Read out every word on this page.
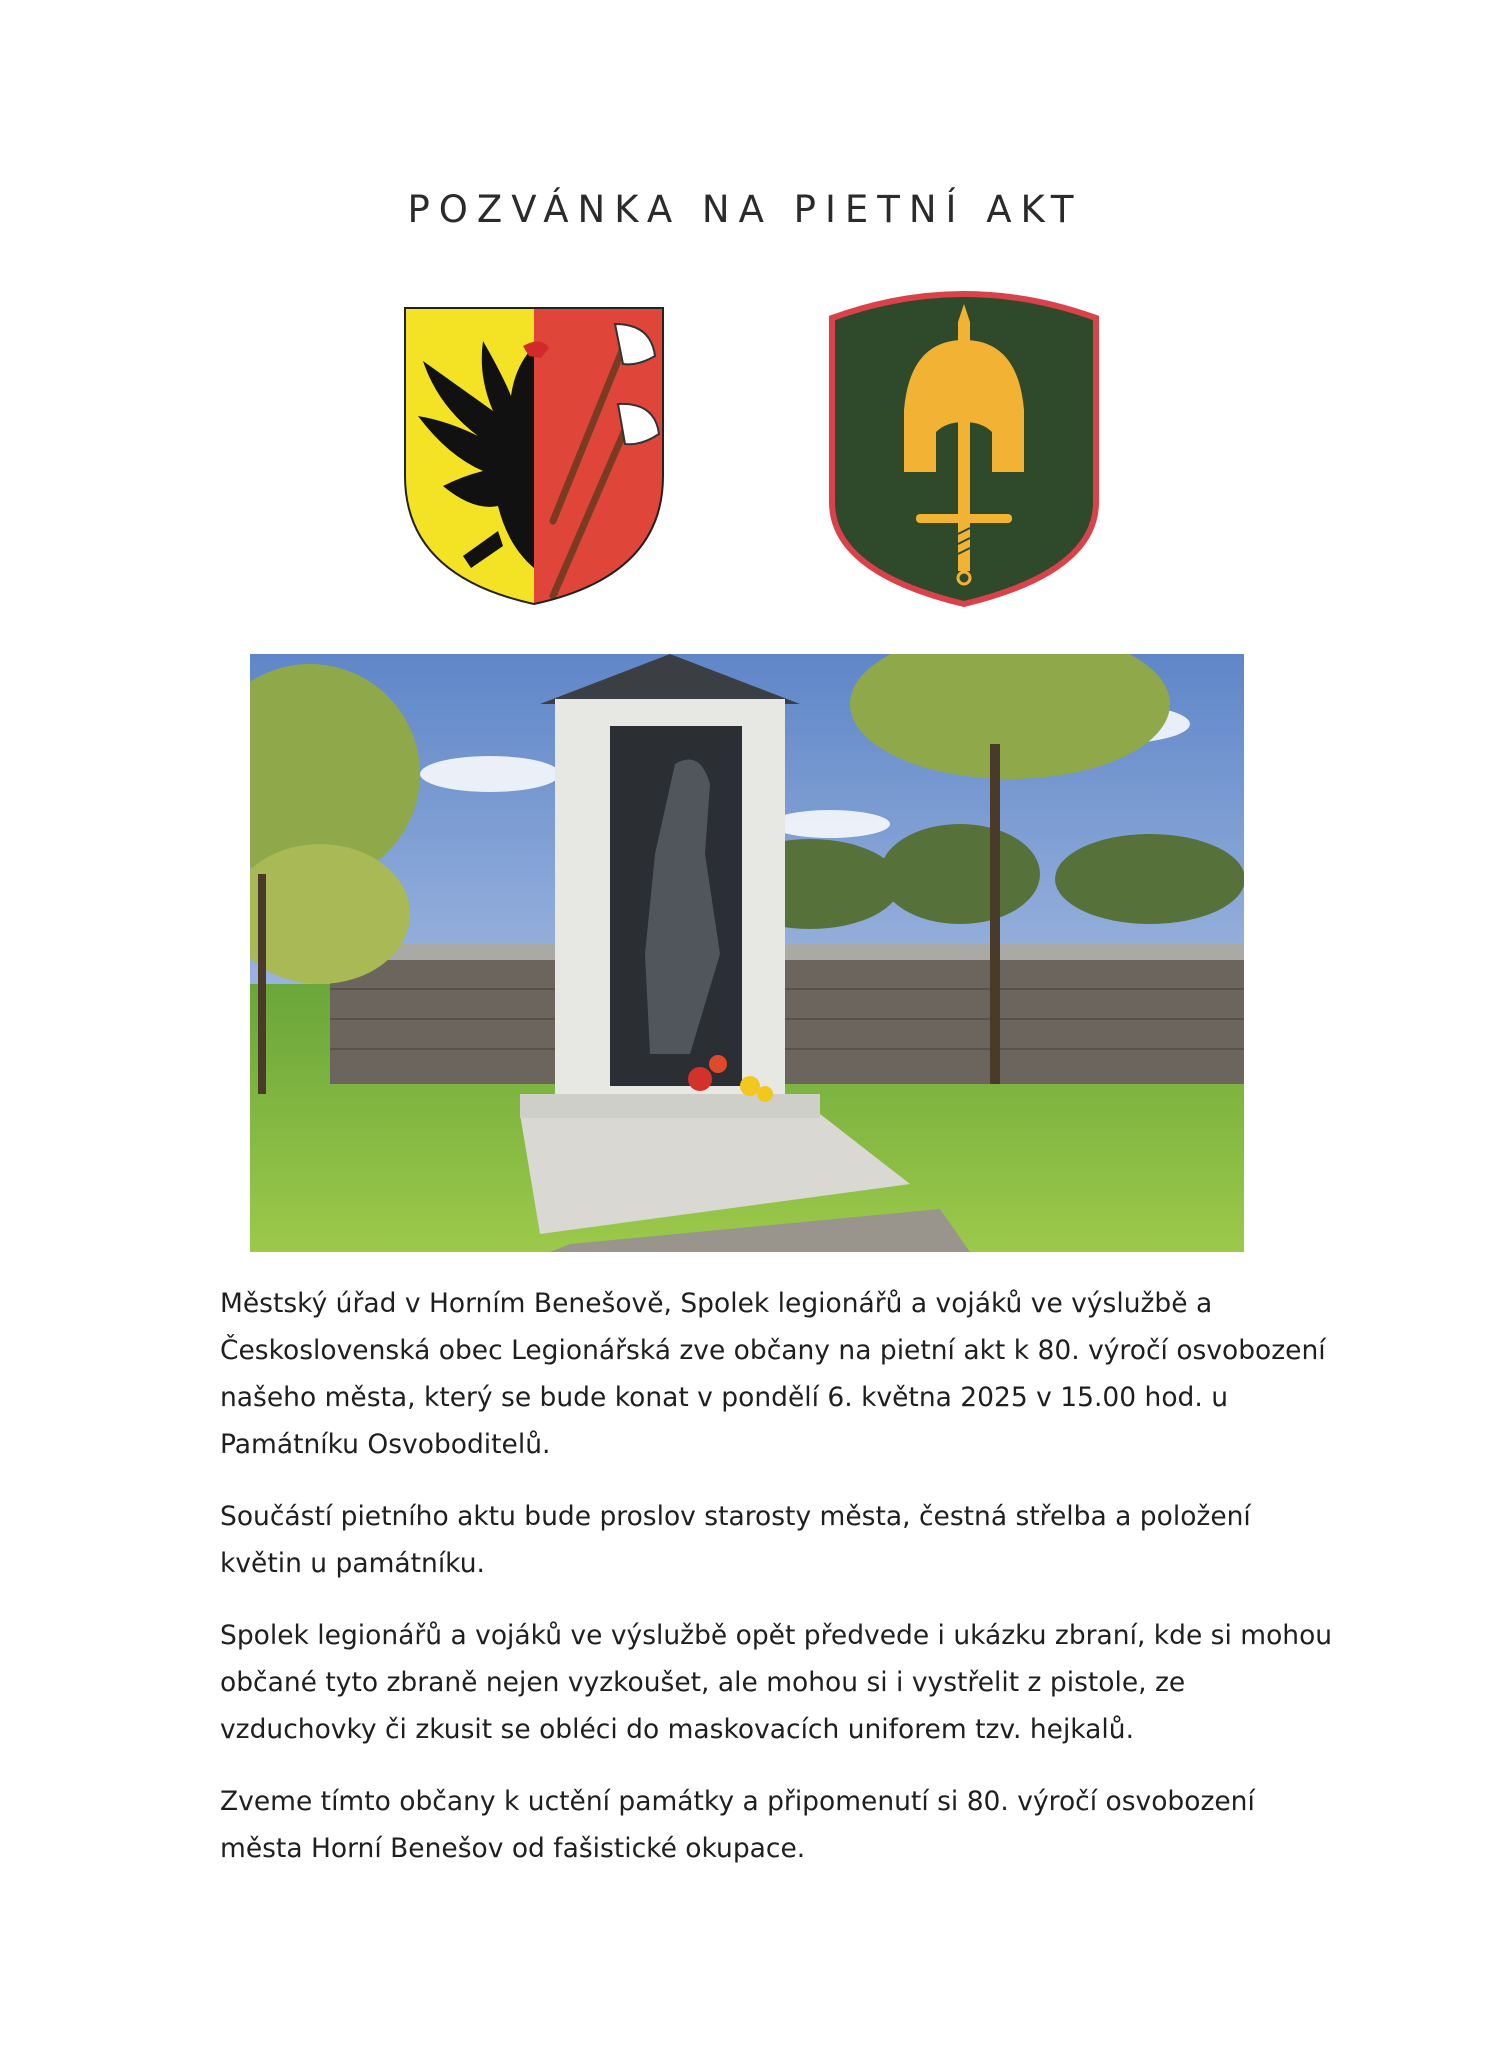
POZVÁNKA NA PIETNÍ AKT

Městský úřad v Horním Benešově, Spolek legionářů a vojáků ve výslužbě a Československá obec Legionářská zve občany na pietní akt k 80. výročí osvobození našeho města, který se bude konat v pondělí 6. května 2025 v 15.00 hod. u Památníku Osvoboditelů.

Součástí pietního aktu bude proslov starosty města, čestná střelba a položení květin u památníku.

Spolek legionářů a vojáků ve výslužbě opět předvede i ukázku zbraní, kde si mohou občané tyto zbraně nejen vyzkoušet, ale mohou si i vystřelit z pistole, ze vzduchovky či zkusit se obléci do maskovacích uniforem tzv. hejkalů.

Zveme tímto občany k uctění památky a připomenutí si 80. výročí osvobození města Horní Benešov od fašistické okupace.
